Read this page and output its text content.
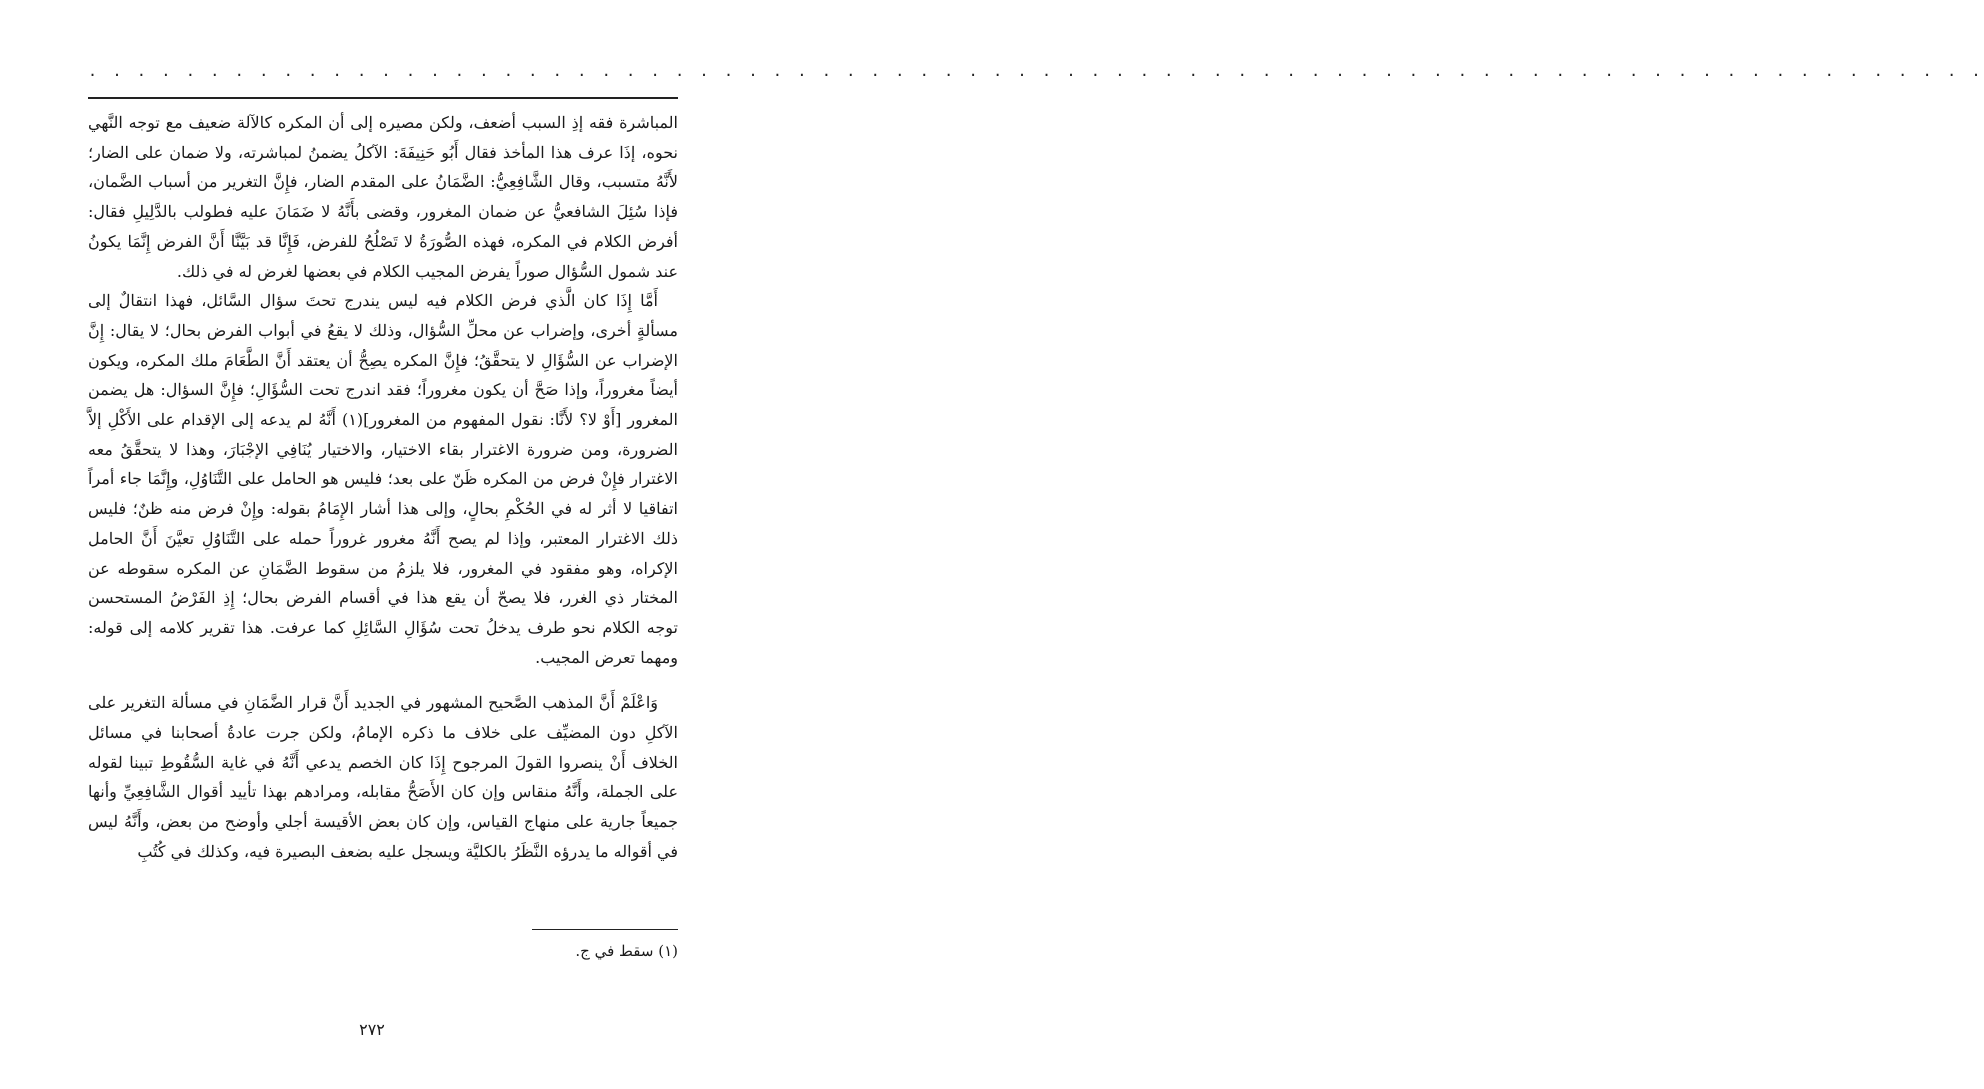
. . . . . . . . . . . . . . . . . . . . . . . . . . . . . . . . . . . . . . . . . . . . . . . . . . . . . . . . . . . . . . . . . . . . . . . . . . . . . .

المباشرة فقه إذِ السبب أضعف، ولكن مصيره إلى أن المكره كالآلة ضعيف مع توجه النَّهي نحوه، إذَا عرف هذا المأخذ فقال أَبُو حَنِيفَةَ: الآكلُ يضمنُ لمباشرته، ولا ضمان على الضار؛ لأَنَّهُ متسبب، وقال الشَّافِعِيُّ: الضَّمَانُ على المقدم الضار، فإِنَّ التغرير من أسباب الضَّمان، فإذا سُئِلَ الشافعيُّ عن ضمان المغرور، وقضى بأَنَّهُ لا ضَمَانَ عليه فطولب بالدَّلِيلِ فقال: أفرض الكلام في المكره، فهذه الصُّورَةُ لا تَصْلُحُ للفرض، فَإِنَّا قد بَيَّنَّا أَنَّ الفرض إِنَّمَا يكونُ عند شمول السُّؤال صوراً يفرض المجيب الكلام في بعضها لغرض له في ذلك.

أَمَّا إِذَا كان الَّذي فرض الكلام فيه ليس يندرج تحتَ سؤال السَّائل، فهذا انتقالٌ إلى مسألةٍ أخرى، وإضراب عن محلِّ السُّؤال، وذلك لا يقعُ في أبواب الفرض بحال؛ لا يقال: إِنَّ الإضراب عن السُّؤَالِ لا يتحقَّقُ؛ فإِنَّ المكره يصِحُّ أن يعتقد أَنَّ الطَّعَامَ ملك المكره، ويكون أيضاً مغروراً، وإذا صَحَّ أن يكون مغروراً؛ فقد اندرج تحت السُّؤَالِ؛ فإِنَّ السؤال: هل يضمن المغرور [أَوْ لا؟ لأَنَّا: نقول المفهوم من المغرور](١) أَنَّهُ لم يدعه إلى الإقدام على الأَكْلِ إلاَّ الضرورة، ومن ضرورة الاغترار بقاء الاختيار، والاختيار يُنَافِي الإجْبَارَ، وهذا لا يتحقَّقُ معه الاغترار فإِنْ فرض من المكره ظَنّ على بعد؛ فليس هو الحامل على التَّنَاوُلِ، وإِنَّمَا جاء أمراً اتفاقيا لا أثر له في الحُكْمِ بحالٍ، وإلى هذا أشار الإِمَامُ بقوله: وإِنْ فرض منه ظنٌ؛ فليس ذلك الاغترار المعتبر، وإذا لم يصح أَنَّهُ مغرور غروراً حمله على التَّنَاوُلِ تعيَّنَ أَنَّ الحامل الإكراه، وهو مفقود في المغرور، فلا يلزمُ من سقوط الضَّمَانِ عن المكره سقوطه عن المختار ذي الغرر، فلا يصحّ أن يقع هذا في أقسام الفرض بحال؛ إِذِ الفَرْضُ المستحسن توجه الكلام نحو طرف يدخلُ تحت سُؤَالِ السَّائِلِ كما عرفت. هذا تقرير كلامه إلى قوله: ومهما تعرض المجيب.

وَاعْلَمْ أَنَّ المذهب الصَّحيح المشهور في الجديد أَنَّ قرار الضَّمَانِ في مسألة التغرير على الآكلِ دون المضيِّف على خلاف ما ذكره الإمامُ، ولكن جرت عادةُ أصحابنا في مسائل الخلاف أَنْ ينصروا القولَ المرجوح إِذَا كان الخصم يدعي أَنَّهُ في غاية السُّقُوطِ تبينا لقوله على الجملة، وأَنَّهُ منقاس وإن كان الأَصَحُّ مقابله، ومرادهم بهذا تأييد أقوال الشَّافِعِيِّ وأنها جميعاً جارية على منهاج القياس، وإن كان بعض الأقيسة أجلي وأوضح من بعض، وأَنَّهُ ليس في أقواله ما يدرؤه النَّظَرُ بالكليَّة ويسجل عليه بضعف البصيرة فيه، وكذلك في كُتُبِ

(١) سقط في ج.
٢٧٢
